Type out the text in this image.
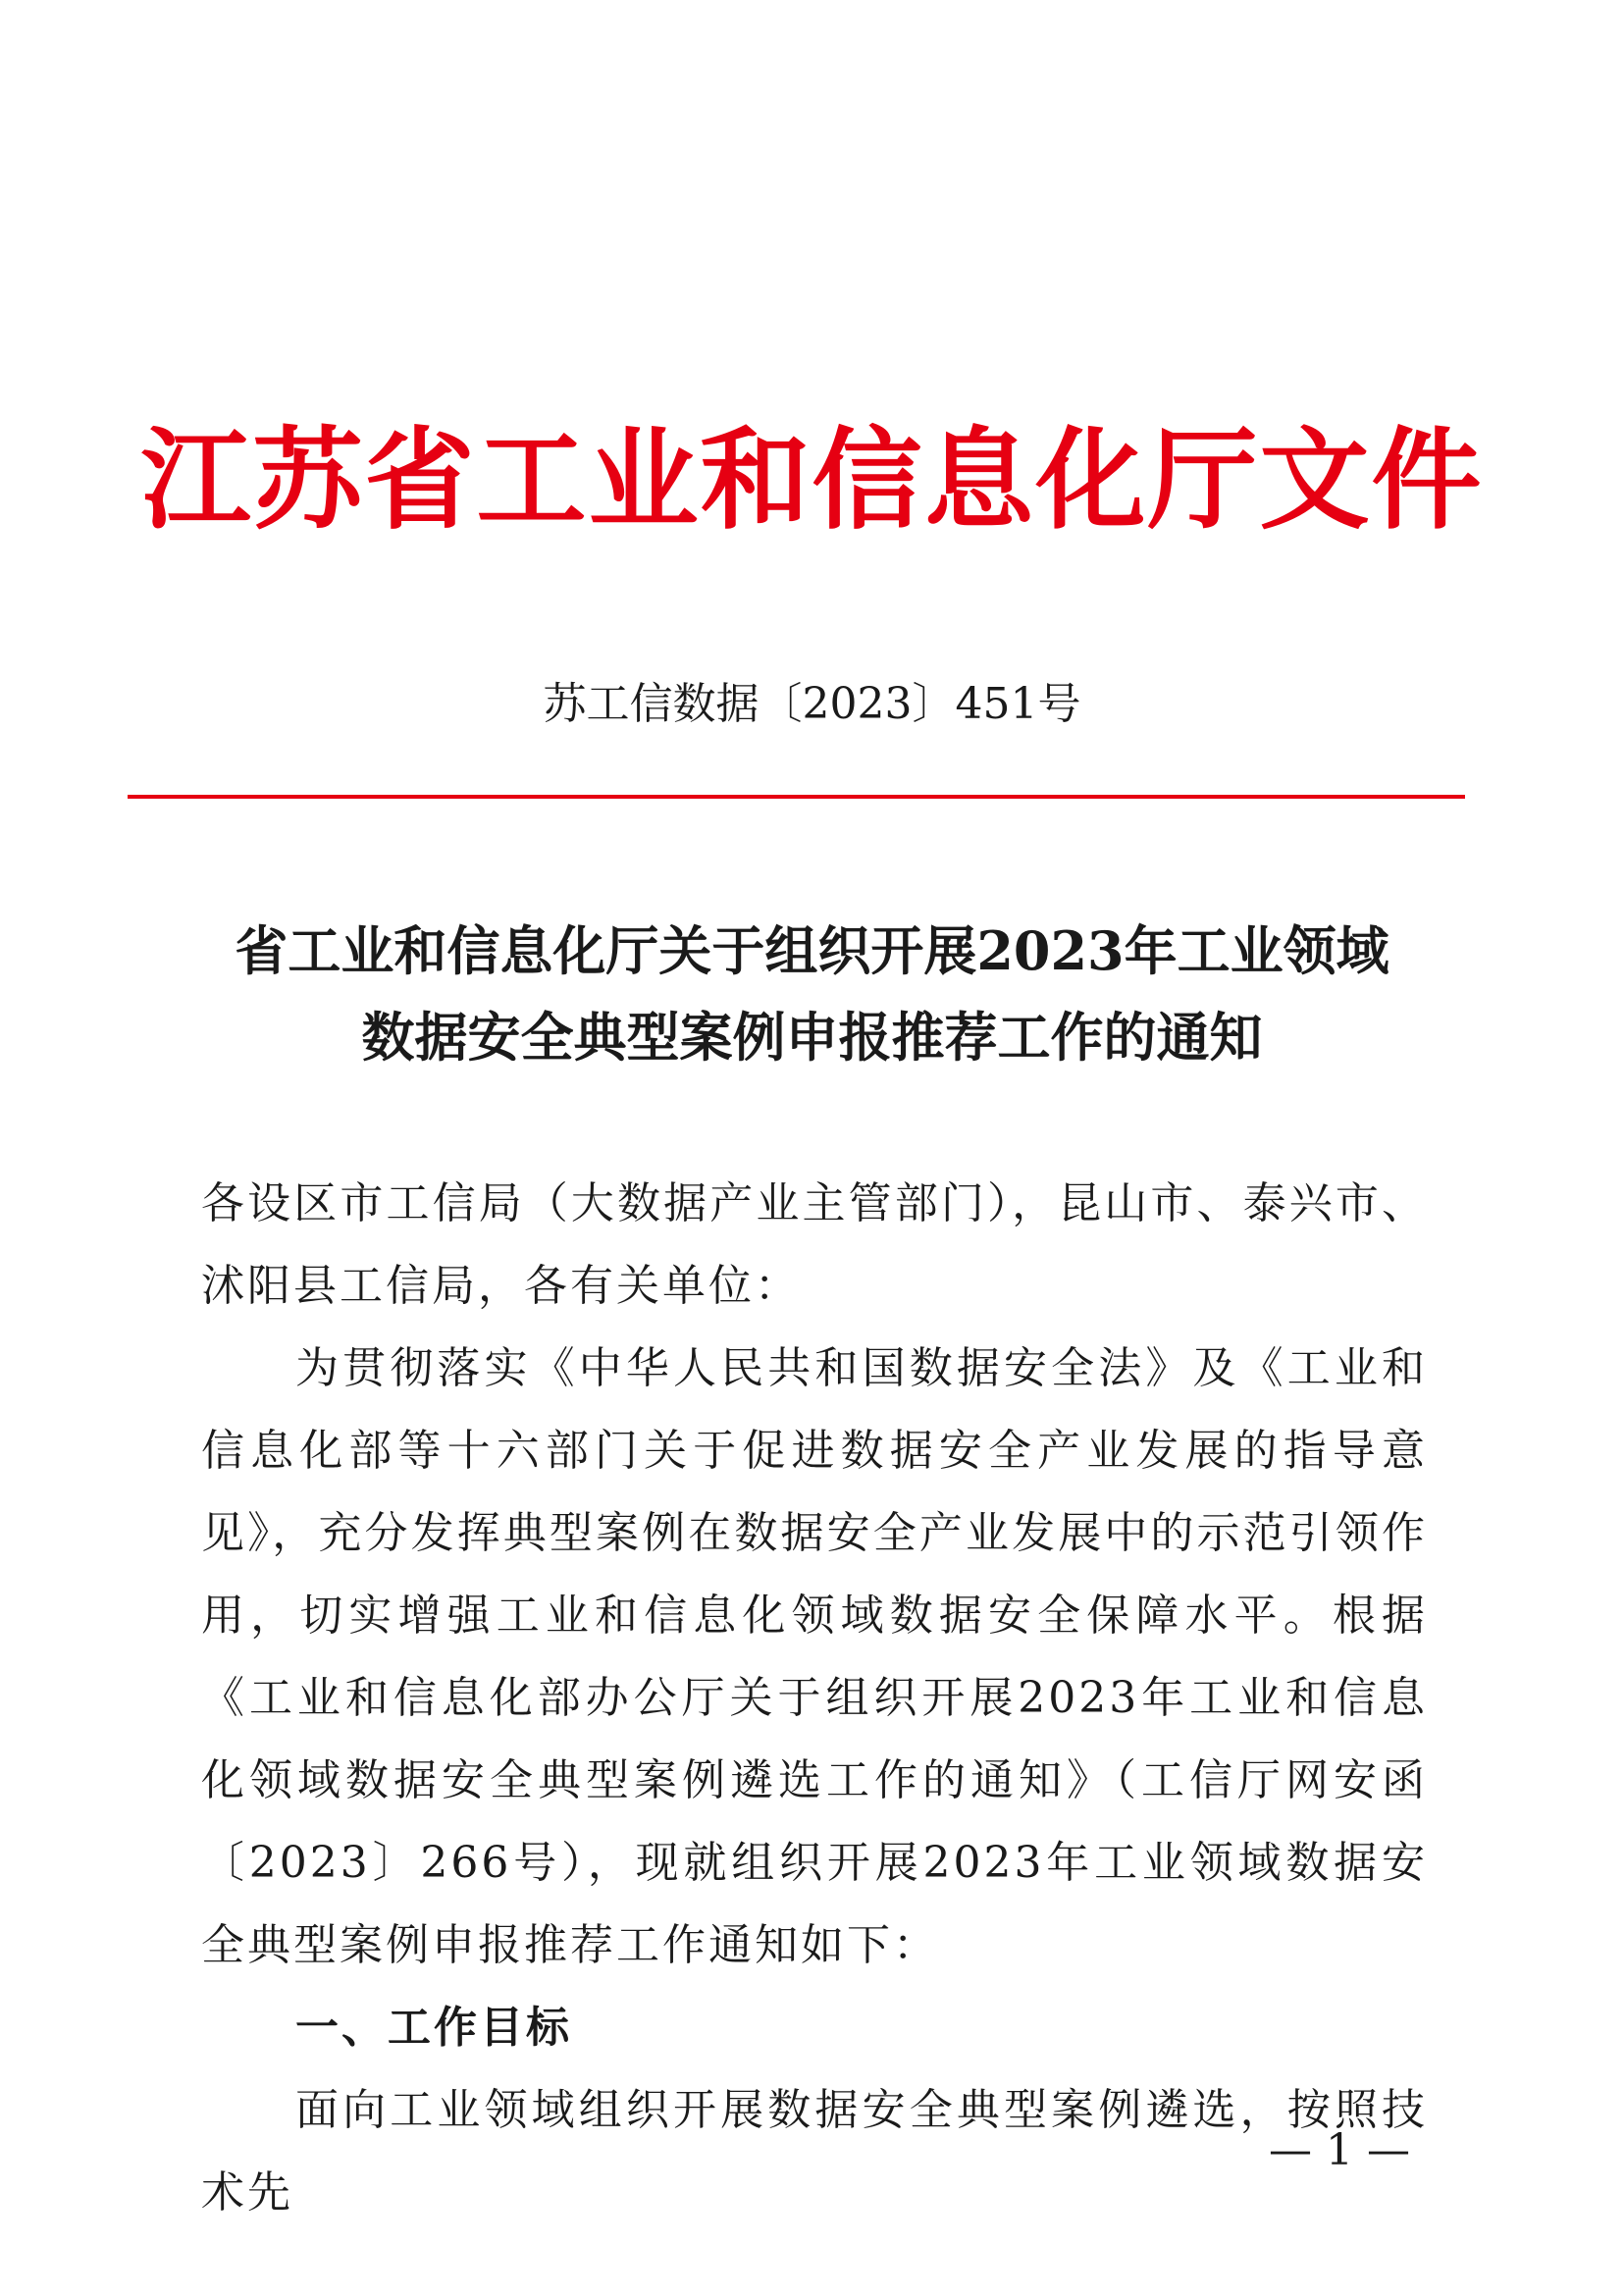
江苏省工业和信息化厅文件
苏工信数据〔2023〕451号
省工业和信息化厅关于组织开展2023年工业领域
数据安全典型案例申报推荐工作的通知

各设区市工信局（大数据产业主管部门），昆山市、泰兴市、沭阳县工信局，各有关单位：

为贯彻落实《中华人民共和国数据安全法》及《工业和信息化部等十六部门关于促进数据安全产业发展的指导意见》，充分发挥典型案例在数据安全产业发展中的示范引领作用，切实增强工业和信息化领域数据安全保障水平。根据《工业和信息化部办公厅关于组织开展2023年工业和信息化领域数据安全典型案例遴选工作的通知》（工信厅网安函〔2023〕266号），现就组织开展2023年工业领域数据安全典型案例申报推荐工作通知如下：

一、工作目标

面向工业领域组织开展数据安全典型案例遴选，按照技术先

— 1 —
